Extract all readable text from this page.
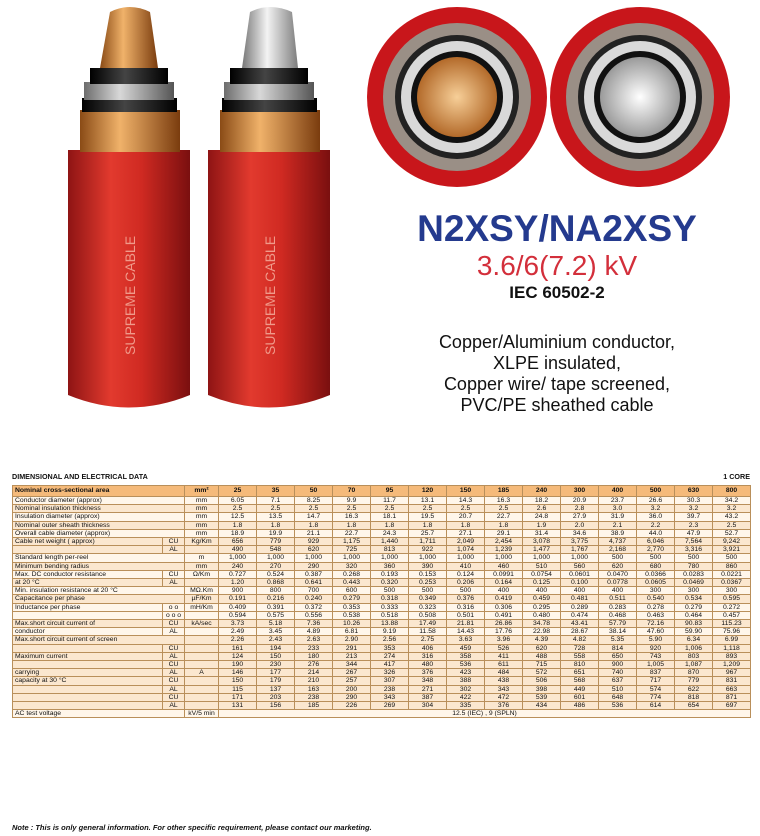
SUPREME CABLE	SUPREME CABLE
N2XSY/NA2XSY
3.6/6(7.2) kV
IEC 60502-2
Copper/Aluminium conductor,
XLPE insulated,
Copper wire/ tape screened,
PVC/PE sheathed cable
DIMENSIONAL AND ELECTRICAL DATA	1 CORE
Nominal cross-sectional area		mm²	25	35	50	70	95	120	150	185	240	300	400	500	630	800
Conductor diameter (approx)		mm	6.05	7.1	8.25	9.9	11.7	13.1	14.3	16.3	18.2	20.9	23.7	26.6	30.3	34.2
Nominal insulation thickness		mm	2.5	2.5	2.5	2.5	2.5	2.5	2.5	2.5	2.6	2.8	3.0	3.2	3.2	3.2
Insulation diameter (approx)		mm	12.5	13.5	14.7	16.3	18.1	19.5	20.7	22.7	24.8	27.9	31.9	36.0	39.7	43.2
Nominal outer sheath thickness		mm	1.8	1.8	1.8	1.8	1.8	1.8	1.8	1.8	1.9	2.0	2.1	2.2	2.3	2.5
Overall cable diameter (approx)		mm	18.9	19.9	21.1	22.7	24.3	25.7	27.1	29.1	31.4	34.6	38.9	44.0	47.9	52.7
Cable net weight ( approx)	CU	Kg/Km	656	779	929	1,175	1,440	1,711	2,049	2,454	3,078	3,775	4,737	6,046	7,564	9,242
	AL		490	548	620	725	813	922	1,074	1,239	1,477	1,767	2,168	2,770	3,316	3,921
Standard length per-reel		m	1,000	1,000	1,000	1,000	1,000	1,000	1,000	1,000	1,000	1,000	500	500	500	500
Minimum bending radius		mm	240	270	290	320	360	390	410	460	510	560	620	680	780	860
Max. DC conductor resistance	CU	Ω/Km	0.727	0.524	0.387	0.268	0.193	0.153	0.124	0.0991	0.0754	0.0601	0.0470	0.0366	0.0283	0.0221
at 20 °C	AL		1.20	0.868	0.641	0.443	0.320	0.253	0.206	0.164	0.125	0.100	0.0778	0.0605	0.0469	0.0367
Min. insulation resistance at 20 °C		MΩ.Km	900	800	700	600	500	500	500	400	400	400	400	300	300	300
Capacitance per phase		µF/Km	0.191	0.216	0.240	0.279	0.318	0.349	0.376	0.419	0.459	0.481	0.511	0.540	0.534	0.595
Inductance per phase	o o	mH/Km	0.409	0.391	0.372	0.353	0.333	0.323	0.316	0.306	0.295	0.289	0.283	0.278	0.279	0.272
	o o o		0.594	0.575	0.556	0.538	0.518	0.508	0.501	0.491	0.480	0.474	0.468	0.463	0.464	0.457
Max.short circuit current of	CU	kA/sec	3.73	5.18	7.36	10.26	13.88	17.49	21.81	26.86	34.78	43.41	57.79	72.16	90.83	115.23
conductor	AL		2.49	3.45	4.89	6.81	9.19	11.58	14.43	17.76	22.98	28.67	38.14	47.60	59.90	75.96
Max.short circuit current of screen			2.26	2.43	2.63	2.90	2.56	2.75	3.63	3.96	4.39	4.82	5.35	5.90	6.34	6.99
	CU		161	194	233	291	353	406	459	526	620	728	814	920	1,006	1,118
Maximum current	AL		124	150	180	213	274	316	358	411	488	558	650	743	803	893
	CU		190	230	276	344	417	480	536	611	715	810	900	1,005	1,087	1,209
carrying	AL	A	146	177	214	267	326	376	423	484	572	651	740	837	870	967
capacity at 30 °C	CU		150	179	210	257	307	348	388	438	506	568	637	717	779	831
	AL		115	137	163	200	238	271	302	343	398	449	510	574	622	663
	CU		171	203	238	290	343	387	422	472	539	601	648	774	818	871
	AL		131	156	185	226	269	304	335	376	434	486	536	614	654	697
AC test voltage		kV/5 min	12.5 (IEC) , 9 (SPLN)													
Note : This is only general information. For other specific requirement, please contact our marketing.
